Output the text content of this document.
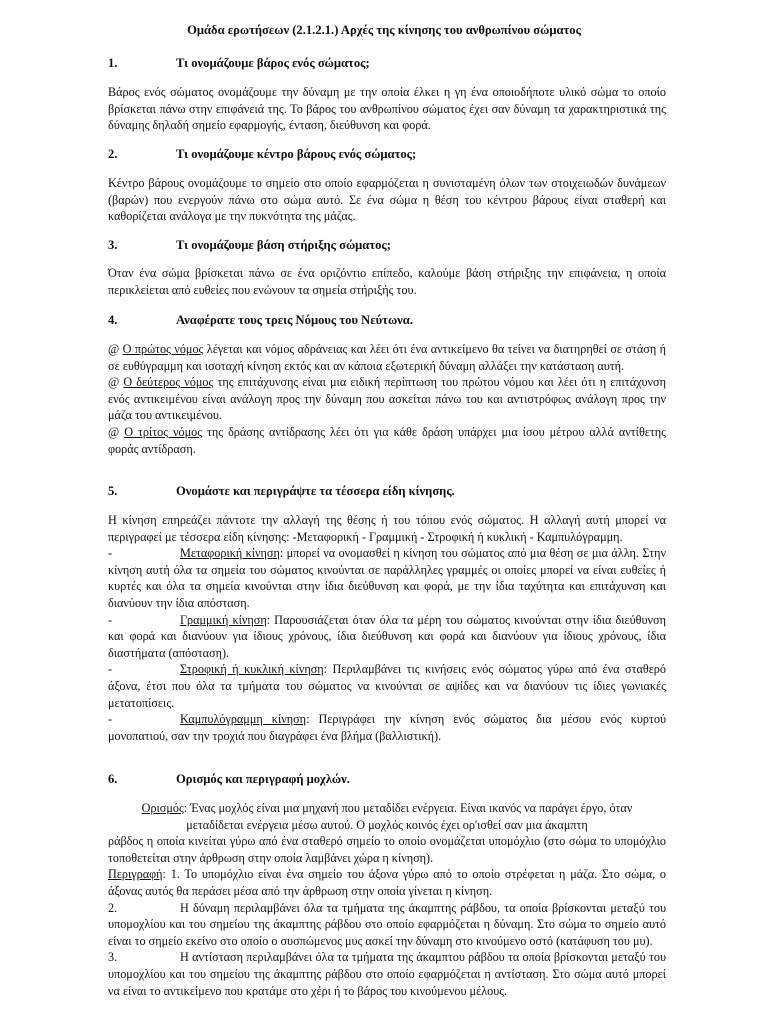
Ομάδα ερωτήσεων (2.1.2.1.) Αρχές της κίνησης του ανθρωπίνου σώματος
1.	Τι ονομάζουμε βάρος ενός σώματος;
Βάρος ενός σώματος ονομάζουμε την δύναμη με την οποία έλκει η γη ένα οποιοδήποτε υλικό σώμα το οποίο βρίσκεται πάνω στην επιφάνειά της. Το βάρος του ανθρωπίνου σώματος έχει σαν δύναμη τα χαρακτηριστικά της δύναμης δηλαδή σημείο εφαρμογής, ένταση, διεύθυνση και φορά.
2.	Τι ονομάζουμε κέντρο βάρους ενός σώματος;
Κέντρο βάρους ονομάζουμε το σημείο στο οποίο εφαρμόζεται η συνισταμένη όλων των στοιχειωδών δυνάμεων (βαρών) που ενεργούν πάνω στο σώμα αυτό. Σε ένα σώμα η θέση του κέντρου βάρους είναι σταθερή και καθορίζεται ανάλογα με την πυκνότητα της μάζας.
3.	Τι ονομάζουμε βάση στήριξης σώματος;
Όταν ένα σώμα βρίσκεται πάνω σε ένα οριζόντιο επίπεδο, καλούμε βάση στήριξης την επιφάνεια, η οποία περικλείεται από ευθείες που ενώνουν τα σημεία στήριξής του.
4.	Αναφέρατε τους τρεις Νόμους του Νεύτωνα.
@ Ο πρώτος νόμος λέγεται και νόμος αδράνειας και λέει ότι ένα αντικείμενο θα τείνει να διατηρηθεί σε στάση ή σε ευθύγραμμη και ισοταχή κίνηση εκτός και αν κάποια εξωτερική δύναμη αλλάξει την κατάσταση αυτή.
@ Ο δεύτερος νόμος της επιτάχυνσης είναι μια ειδική περίπτωση του πρώτου νόμου και λέει ότι η επιτάχυνση ενός αντικειμένου είναι ανάλογη προς την δύναμη που ασκείται πάνω του και αντιστρόφως ανάλογη προς την μάζα του αντικειμένου.
@ Ο τρίτος νόμος της δράσης αντίδρασης λέει ότι για κάθε δράση υπάρχει μια ίσου μέτρου αλλά αντίθετης φοράς αντίδραση.
5.	Ονομάστε και περιγράψτε τα τέσσερα είδη κίνησης.
Η κίνηση επηρεάζει πάντοτε την αλλαγή της θέσης ή του τόπου ενός σώματος. Η αλλαγή αυτή μπορεί να περιγραφεί με τέσσερα είδη κίνησης: -Μεταφορική - Γραμμική - Στροφική ή κυκλική - Καμπυλόγραμμη.
-	Μεταφορική κίνηση: μπορεί να ονομασθεί η κίνηση του σώματος από μια θέση σε μια άλλη. Στην κίνηση αυτή όλα τα σημεία του σώματος κινούνται σε παράλληλες γραμμές οι οποίες μπορεί να είναι ευθείες ή κυρτές και όλα τα σημεία κινούνται στην ίδια διεύθυνση και φορά, με την ίδια ταχύτητα και επιτάχυνση και διανύουν την ίδια απόσταση.
-	Γραμμική κίνηση: Παρουσιάζεται όταν όλα τα μέρη του σώματος κινούνται στην ίδια διεύθυνση και φορά και διανύουν για ίδιους χρόνους, ίδια διεύθυνση και φορά και διανύουν για ίδιους χρόνους, ίδια διαστήματα (απόσταση).
-	Στροφική ή κυκλική κίνηση: Περιλαμβάνει τις κινήσεις ενός σώματος γύρω από ένα σταθερό άξονα, έτσι που όλα τα τμήματα του σώματος να κινούνται σε αψίδες και να διανύουν τις ίδιες γωνιακές μετατοπίσεις.
-	Καμπυλόγραμμη κίνηση: Περιγράφει την κίνηση ενός σώματος δια μέσου ενός κυρτού μονοπατιού, σαν την τροχιά που διαγράφει ένα βλήμα (βαλλιστική).
6.	Ορισμός και περιγραφή μοχλών.
Ορισμός: Ένας μοχλός είναι μια μηχανή που μεταδίδει ενέργεια. Είναι ικανός να παράγει έργο, όταν
μεταδίδεται ενέργεια μέσω αυτού. Ο μοχλός κοινός έχει ορ'ισθεί σαν μια άκαμπτη
ράβδος η οποία κινείται γύρω από ένα σταθερό σημείο το οποίο ονομάζεται υπομόχλιο (στο σώμα το υπομόχλιο τοποθετείται στην άρθρωση στην οποία λαμβάνει χώρα η κίνηση).
Περιγραφή: 1. Το υπομόχλιο είναι ένα σημείο του άξονα γύρω από το οποίο στρέφεται η μάζα. Στο σώμα, ο άξονας αυτός θα περάσει μέσα από την άρθρωση στην οποία γίνεται η κίνηση.
2.	Η δύναμη περιλαμβάνει όλα τα τμήματα της άκαμπτης ράβδου, τα οποία βρίσκονται μεταξύ του υπομοχλίου και του σημείου της άκαμπτης ράβδου στο οποίο εφαρμόζεται η δύναμη. Στο σώμα το σημείο αυτό είναι το σημείο εκείνο στο οποίο ο συσπώμενος μυς ασκεί την δύναμη στο κινούμενο οστό (κατάφυση του μυ).
3.	Η αντίσταση περιλαμβάνει όλα τα τμήματα της άκαμπτου ράβδου τα οποία βρίσκονται μεταξύ του υπομοχλίου και του σημείου της άκαμπτης ράβδου στο οποίο εφαρμόζεται η αντίσταση. Στο σώμα αυτό μπορεί να είναι το αντικείμενο που κρατάμε στο χέρι ή το βάρος του κινούμενου μέλους.
